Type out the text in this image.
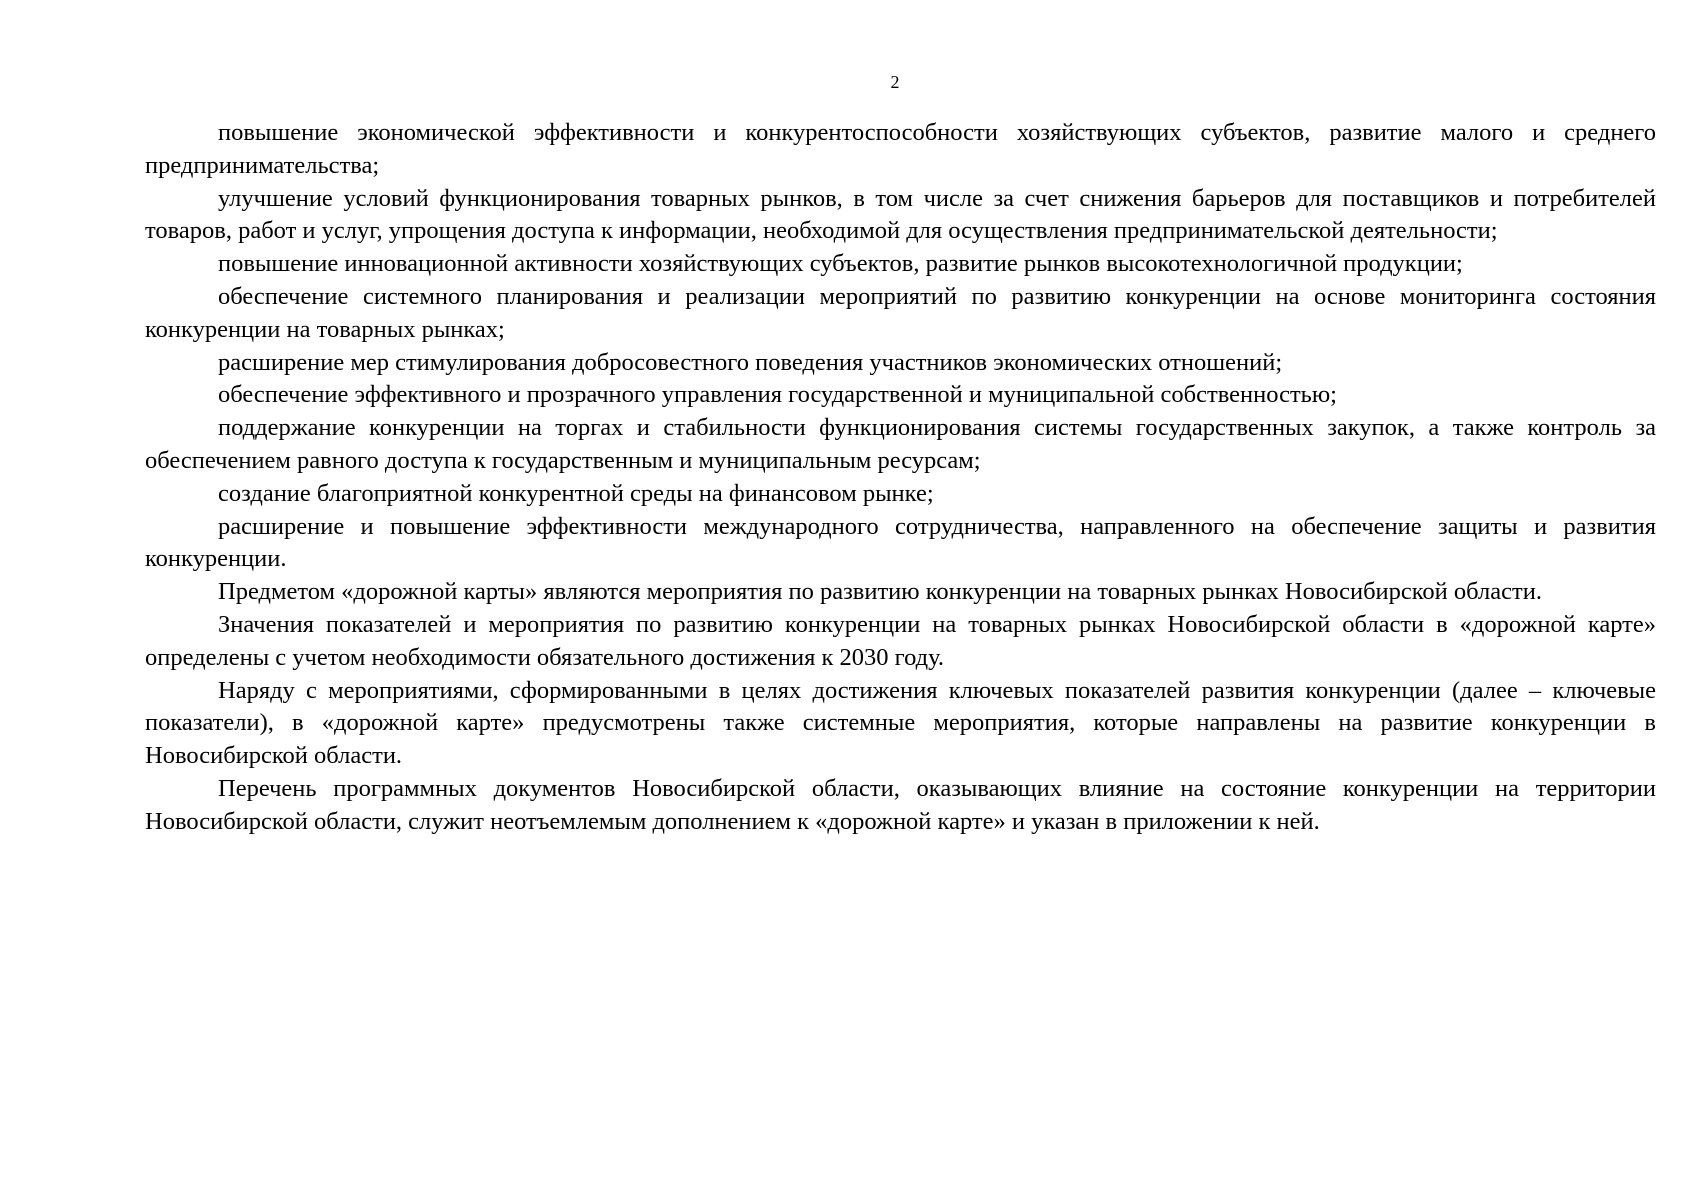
2

повышение экономической эффективности и конкурентоспособности хозяйствующих субъектов, развитие малого и среднего предпринимательства;

улучшение условий функционирования товарных рынков, в том числе за счет снижения барьеров для поставщиков и потребителей товаров, работ и услуг, упрощения доступа к информации, необходимой для осуществления предпринимательской деятельности;

повышение инновационной активности хозяйствующих субъектов, развитие рынков высокотехнологичной продукции;

обеспечение системного планирования и реализации мероприятий по развитию конкуренции на основе мониторинга состояния конкуренции на товарных рынках;

расширение мер стимулирования добросовестного поведения участников экономических отношений;

обеспечение эффективного и прозрачного управления государственной и муниципальной собственностью;

поддержание конкуренции на торгах и стабильности функционирования системы государственных закупок, а также контроль за обеспечением равного доступа к государственным и муниципальным ресурсам;

создание благоприятной конкурентной среды на финансовом рынке;

расширение и повышение эффективности международного сотрудничества, направленного на обеспечение защиты и развития конкуренции.

Предметом «дорожной карты» являются мероприятия по развитию конкуренции на товарных рынках Новосибирской области.

Значения показателей и мероприятия по развитию конкуренции на товарных рынках Новосибирской области в «дорожной карте» определены с учетом необходимости обязательного достижения к 2030 году.

Наряду с мероприятиями, сформированными в целях достижения ключевых показателей развития конкуренции (далее – ключевые показатели), в «дорожной карте» предусмотрены также системные мероприятия, которые направлены на развитие конкуренции в Новосибирской области.

Перечень программных документов Новосибирской области, оказывающих влияние на состояние конкуренции на территории Новосибирской области, служит неотъемлемым дополнением к «дорожной карте» и указан в приложении к ней.
